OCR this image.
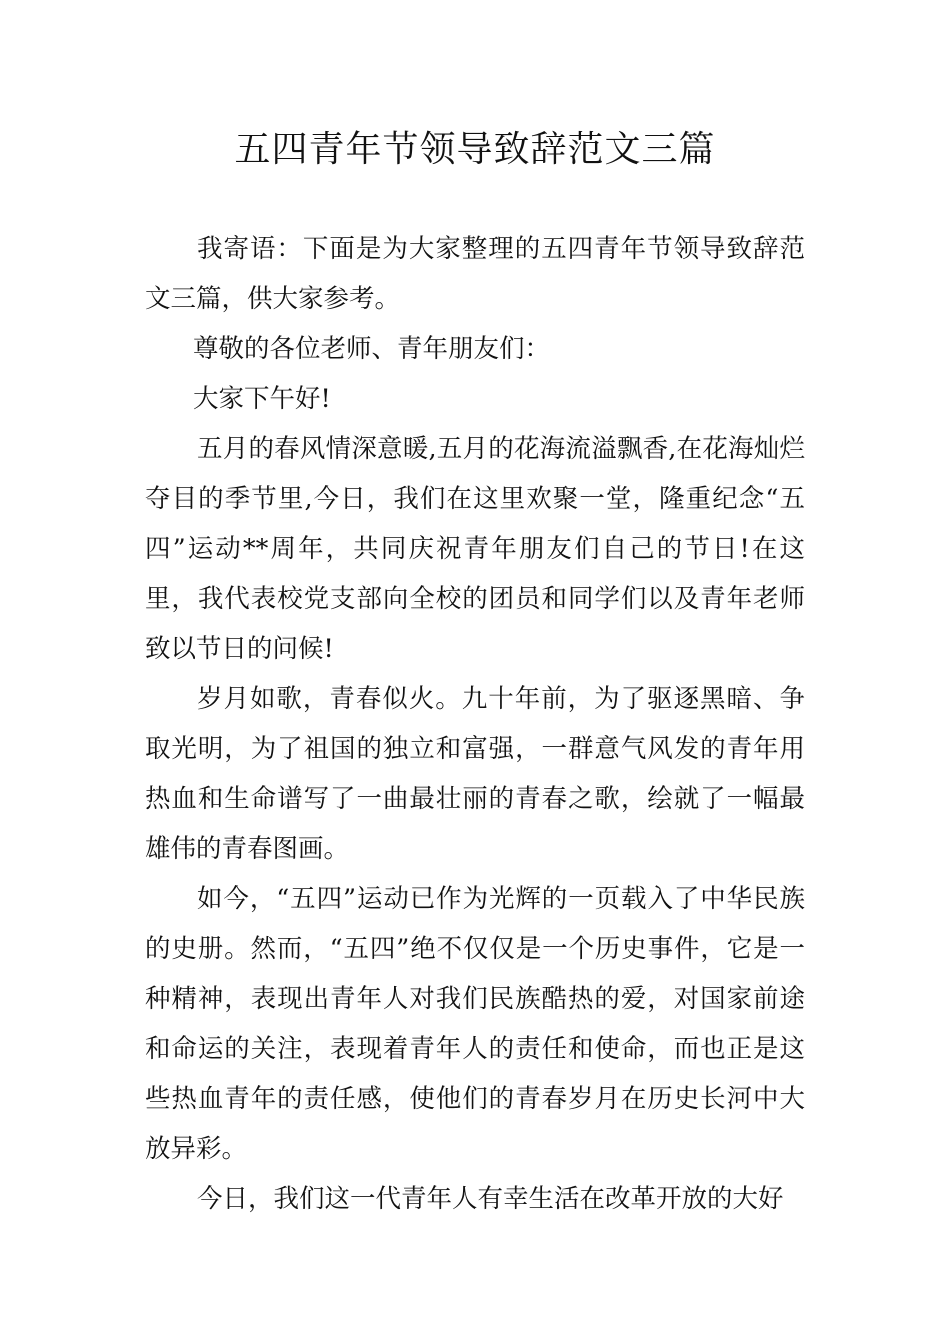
五四青年节领导致辞范文三篇

我寄语：下面是为大家整理的五四青年节领导致辞范文三篇，供大家参考。

尊敬的各位老师、青年朋友们：

大家下午好!

五月的春风情深意暖,五月的花海流溢飘香,在花海灿烂夺目的季节里,今日，我们在这里欢聚一堂，隆重纪念“五四”运动**周年，共同庆祝青年朋友们自己的节日!在这里，我代表校党支部向全校的团员和同学们以及青年老师致以节日的问候!

岁月如歌，青春似火。九十年前，为了驱逐黑暗、争取光明，为了祖国的独立和富强，一群意气风发的青年用热血和生命谱写了一曲最壮丽的青春之歌，绘就了一幅最雄伟的青春图画。

如今，“五四”运动已作为光辉的一页载入了中华民族的史册。然而，“五四”绝不仅仅是一个历史事件，它是一种精神，表现出青年人对我们民族酷热的爱，对国家前途和命运的关注，表现着青年人的责任和使命，而也正是这些热血青年的责任感，使他们的青春岁月在历史长河中大放异彩。

今日，我们这一代青年人有幸生活在改革开放的大好
